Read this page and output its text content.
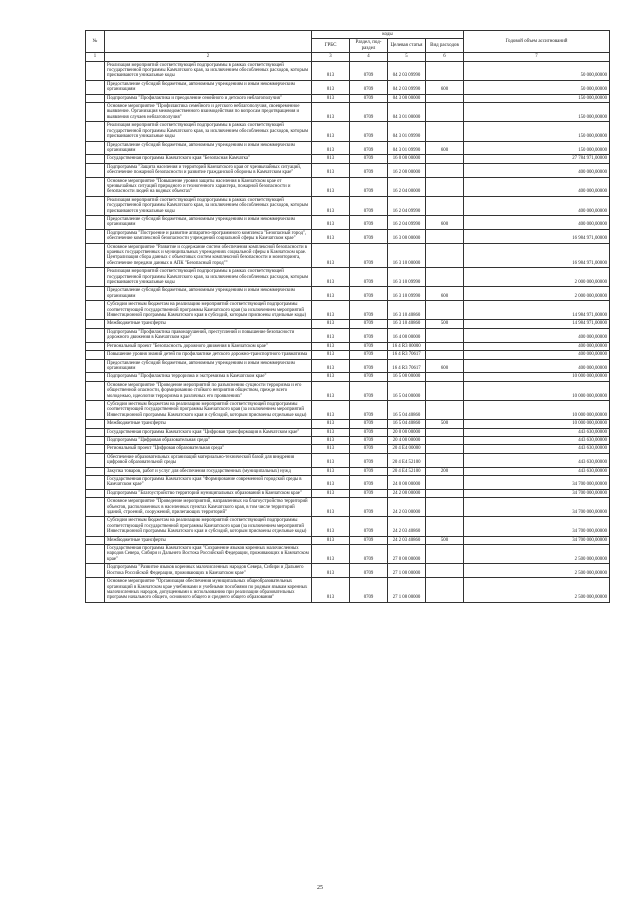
№		коды				Годовой объем ассигнований
		ГРБС	Раздел, под-раздел	Целевая статья	Вид расходов	
1	2	3	4	5	6	7
	Реализация мероприятий соответствующей подпрограммы в рамках соответствующей государственной программы Камчатского края, за исключением обособленных расходов, которым присваиваются уникальные коды	813	0709	04 2 03 09990		50 000,00000
	Предоставление субсидий бюджетным, автономным учреждениям и иным некоммерческим организациям	813	0709	04 2 03 09990	600	50 000,00000
	Подпрограмма "Профилактика и преодоление семейного и детского неблагополучия"	813	0709	04 3 00 00000		150 000,00000
	Основное мероприятие "Профилактика семейного и детского неблагополучия, своевременное выявление. Организация межведомственного взаимодействия по вопросам предотвращения и выявления случаев неблагополучия"	813	0709	04 3 01 00000		150 000,00000
	Реализация мероприятий соответствующей подпрограммы в рамках соответствующей государственной программы Камчатского края, за исключением обособленных расходов, которым присваиваются уникальные коды	813	0709	04 3 01 09990		150 000,00000
	Предоставление субсидий бюджетным, автономным учреждениям и иным некоммерческим организациям	813	0709	04 3 01 09990	600	150 000,00000
	Государственная программа Камчатского края "Безопасная Камчатка"	813	0709	16 0 00 00000		27 784 971,00000
	Подпрограмма "Защита населения и территорий Камчатского края от чрезвычайных ситуаций, обеспечение пожарной безопасности и развитие гражданской обороны в Камчатском крае"	813	0709	16 2 00 00000		400 000,00000
	Основное мероприятие "Повышение уровня защиты населения в Камчатском крае от чрезвычайных ситуаций природного и техногенного характера, пожарной безопасности и безопасности людей на водных объектах"	813	0709	16 2 04 00000		400 000,00000
	Реализация мероприятий соответствующей подпрограммы в рамках соответствующей государственной программы Камчатского края, за исключением обособленных расходов, которым присваиваются уникальные коды	813	0709	16 2 04 09990		400 000,00000
	Предоставление субсидий бюджетным, автономным учреждениям и иным некоммерческим организациям	813	0709	16 2 04 09990	600	400 000,00000
	Подпрограмма "Построение и развитие аппаратно-программного комплекса "Безопасный город", обеспечение комплексной безопасности учреждений социальной сферы в Камчатском крае"	813	0709	16 3 00 00000		16 984 971,00000
	Основное мероприятие "Развитие и содержание систем обеспечения комплексной безопасности в краевых государственных и муниципальных учреждениях социальной сферы в Камчатском крае. Централизация сбора данных с объектовых систем комплексной безопасности и мониторинга, обеспечение передачи данных в АПК "Безопасный город""	813	0709	16 3 10 00000		16 984 971,00000
	Реализация мероприятий соответствующей подпрограммы в рамках соответствующей государственной программы Камчатского края, за исключением обособленных расходов, которым присваиваются уникальные коды	813	0709	16 3 10 09990		2 000 000,00000
	Предоставление субсидий бюджетным, автономным учреждениям и иным некоммерческим организациям	813	0709	16 3 10 09990	600	2 000 000,00000
	Субсидии местным бюджетам на реализацию мероприятий соответствующей подпрограммы соответствующей государственной программы Камчатского края (за исключением мероприятий Инвестиционной программы Камчатского края в субсидий, которым присвоены отдельные коды)	813	0709	16 3 10 40860		14 984 971,00000
	Межбюджетные трансферты	813	0709	16 3 10 40860	500	14 984 971,00000
	Подпрограмма "Профилактика правонарушений, преступлений и повышение безопасности дорожного движения в Камчатском крае"	813	0709	16 4 00 00000		400 000,00000
	Региональный проект "Безопасность дорожного движения в Камчатском крае"	813	0709	16 4 R3 00000		400 000,00000
	Повышение уровня знаний детей по профилактике детского дорожно-транспортного травматизма	813	0709	16 4 R3 70617		400 000,00000
	Предоставление субсидий бюджетным, автономным учреждениям и иным некоммерческим организациям	813	0709	16 4 R3 70617	600	400 000,00000
	Подпрограмма "Профилактика терроризма и экстремизма в Камчатском крае"	813	0709	16 5 00 00000		10 000 000,00000
	Основное мероприятие "Проведение мероприятий по разъяснению сущности терроризма и его общественной опасности, формированию стойкого неприятия обществом, прежде всего молодежью, идеологии терроризма в различных его проявлениях"	813	0709	16 5 04 00000		10 000 000,00000
	Субсидии местным бюджетам на реализацию мероприятий соответствующей подпрограммы соответствующей государственной программы Камчатского края (за исключением мероприятий Инвестиционной программы Камчатского края и субсидий, которым присвоены отдельные коды)	813	0709	16 5 04 40860		10 000 000,00000
	Межбюджетные трансферты	813	0709	16 5 04 40860	500	10 000 000,00000
	Государственная программа Камчатского края "Цифровая трансформация в Камчатском крае"	813	0709	20 0 00 00000		443 630,00000
	Подпрограмма "Цифровая образовательная среда"	813	0709	20 4 00 00000		443 630,00000
	Региональный проект "Цифровая образовательная среда"	813	0709	20 4 E4 00000		443 630,00000
	Обеспечение образовательных организаций материально-технической базой для внедрения цифровой образовательной среды	813	0709	20 4 E4 52100		443 630,00000
	Закупка товаров, работ и услуг для обеспечения государственных (муниципальных) нужд	813	0709	20 4 E4 52100	200	443 630,00000
	Государственная программа Камчатского края "Формирование современной городской среды в Камчатском крае"	813	0709	24 0 00 00000		34 700 000,00000
	Подпрограмма "Благоустройство территорий муниципальных образований в Камчатском крае"	813	0709	24 2 00 00000		34 700 000,00000
	Основное мероприятие "Проведение мероприятий, направленных на благоустройство территорий объектов, расположенных в населенных пунктах Камчатского края, в том числе территорий зданий, строений, сооружений, прилегающих территорий"	813	0709	24 2 03 00000		34 700 000,00000
	Субсидии местным бюджетам на реализацию мероприятий соответствующей подпрограммы соответствующей государственной программы Камчатского края (за исключением мероприятий Инвестиционной программы Камчатского края и субсидий, которым присвоены отдельные коды)	813	0709	24 2 03 40860		34 700 000,00000
	Межбюджетные трансферты	813	0709	24 2 03 40860	500	34 700 000,00000
	Государственная программа Камчатского края "Сохранение языков коренных малочисленных народов Севера, Сибири и Дальнего Востока Российской Федерации, проживающих в Камчатском крае"	813	0709	27 0 00 00000		2 500 000,00000
	Подпрограмма "Развитие языков коренных малочисленных народов Севера, Сибири и Дальнего Востока Российской Федерации, проживающих в Камчатском крае"	813	0709	27 1 00 00000		2 500 000,00000
	Основное мероприятие "Организация обеспечения муниципальных общеобразовательных организаций в Камчатском крае учебниками и учебными пособиями по родным языкам коренных малочисленных народов, допущенными к использованию при реализации образовательных программ начального общего, основного общего и среднего общего образования"	813	0709	27 1 08 00000		2 500 000,00000
25
